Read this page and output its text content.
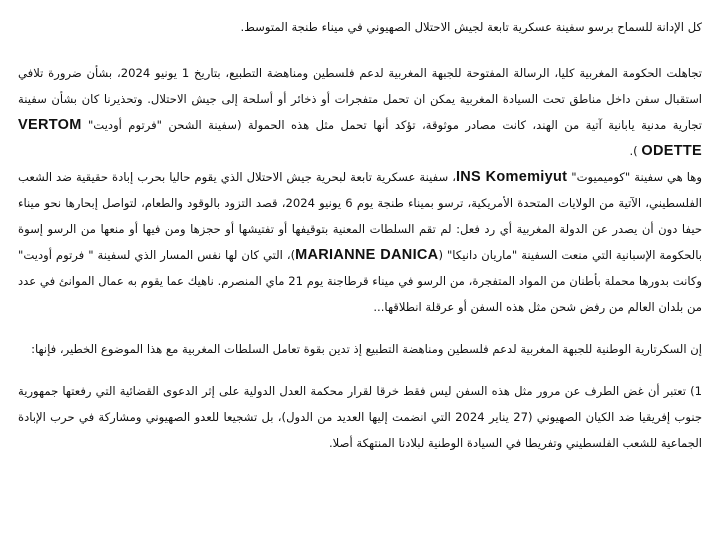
كل الإدانة للسماح برسو سفينة عسكرية تابعة لجيش الاحتلال الصهيوني في ميناء طنجة المتوسط.

تجاهلت الحكومة المغربية كليا، الرسالة المفتوحة للجبهة المغربية لدعم فلسطين ومناهضة التطبيع، بتاريخ 1 يونيو 2024، بشأن ضرورة تلافي استقبال سفن داخل مناطق تحت السيادة المغربية يمكن ان تحمل متفجرات أو ذخائر أو أسلحة إلى جيش الاحتلال. وتحذيرنا كان بشأن سفينة تجارية مدنية يابانية آتية من الهند، كانت مصادر موثوقة، تؤكد أنها تحمل مثل هذه الحمولة (سفينة الشحن "فرتوم أوديت" VERTOM ODETTE ).

وها هي سفينة "كوميميوت" INS Komemiyut، سفينة عسكرية تابعة لبحرية جيش الاحتلال الذي يقوم حاليا بحرب إبادة حقيقية ضد الشعب الفلسطيني، الآتية من الولايات المتحدة الأمريكية، ترسو بميناء طنجة يوم 6 يونيو 2024، قصد التزود بالوقود والطعام، لتواصل إبحارها نحو ميناء حيفا دون أن يصدر عن الدولة المغربية أي رد فعل: لم تقم السلطات المعنية بتوقيفها أو تفتيشها أو حجزها ومن فيها أو منعها من الرسو إسوة بالحكومة الإسبانية التي منعت السفينة "ماريان دانيكا" (MARIANNE DANICA)، التي كان لها نفس المسار الذي لسفينة " فرتوم أوديت" وكانت بدورها محملة بأطنان من المواد المتفجرة، من الرسو في ميناء قرطاجنة يوم 21 ماي المنصرم. ناهيك عما يقوم به عمال الموانئ في عدد من بلدان العالم من رفض شحن مثل هذه السفن أو عرقلة انطلاقها...

إن السكرتارية الوطنية للجبهة المغربية لدعم فلسطين ومناهضة التطبيع إذ تدين بقوة تعامل السلطات المغربية مع هذا الموضوع الخطير، فإنها:

1) تعتبر أن غض الطرف عن مرور مثل هذه السفن ليس فقط خرقا لقرار محكمة العدل الدولية على إثر الدعوى القضائية التي رفعتها جمهورية جنوب إفريقيا ضد الكيان الصهيوني (27 يناير 2024 التي انضمت إليها العديد من الدول)، بل تشجيعا للعدو الصهيوني ومشاركة في حرب الإبادة الجماعية للشعب الفلسطيني وتفريطا في السيادة الوطنية لبلادنا المنتهكة أصلا.
